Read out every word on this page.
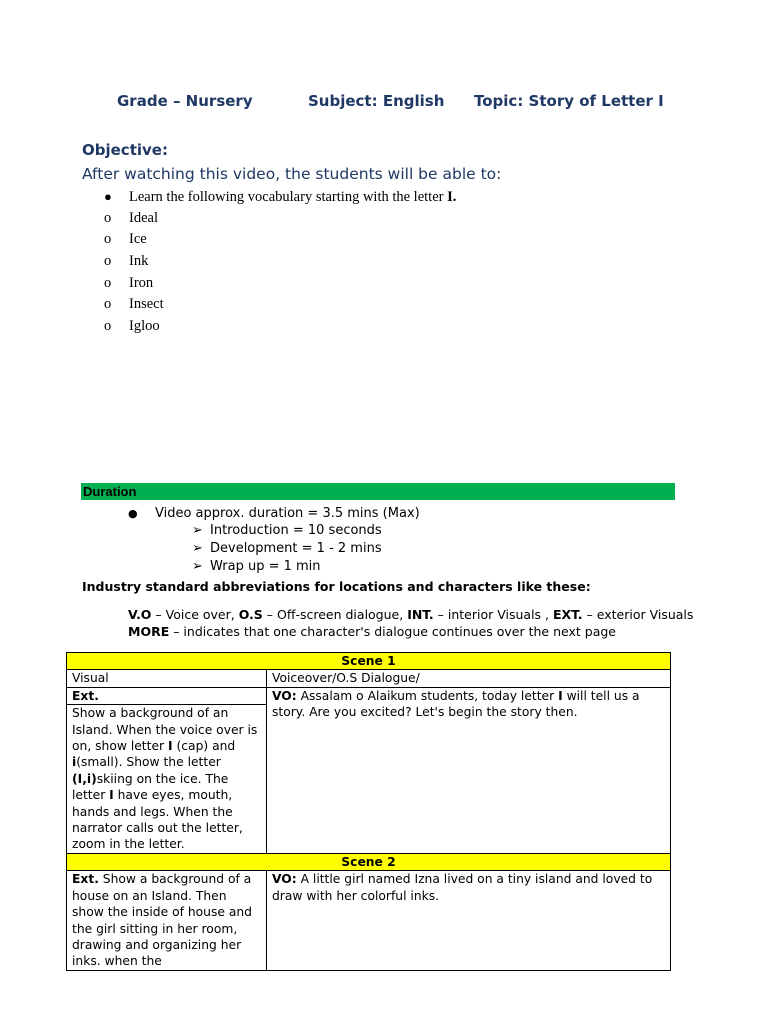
Grade – Nursery	Subject: English Topic: Story of Letter I
Objective:
After watching this video, the students will be able to:
●	Learn the following vocabulary starting with the letter I.
o	Ideal
o	Ice
o	Ink
o	Iron
o	Insect
o	Igloo
Duration
● Video approx. duration = 3.5 mins (Max)
➢ Introduction = 10 seconds
➢ Development = 1 - 2 mins
➢ Wrap up = 1 min
Industry standard abbreviations for locations and characters like these:
V.O – Voice over, O.S – Off-screen dialogue, INT. – interior Visuals , EXT. – exterior Visuals
MORE – indicates that one character's dialogue continues over the next page
Scene 1	
Visual	Voiceover/O.S Dialogue/
Ext.	VO: Assalam o Alaikum students, today letter I will tell us a story. Are you excited? Let's begin the story then.
Show a background of an Island. When the voice over is on, show letter I (cap) and i(small). Show the letter (I,i)skiing on the ice. The letter I have eyes, mouth, hands and legs. When the narrator calls out the letter, zoom in the letter.	
Scene 2	
Ext. Show a background of a house on an Island. Then show the inside of house and the girl sitting in her room, drawing and organizing her inks. when the	VO: A little girl named Izna lived on a tiny island and loved to draw with her colorful inks.
